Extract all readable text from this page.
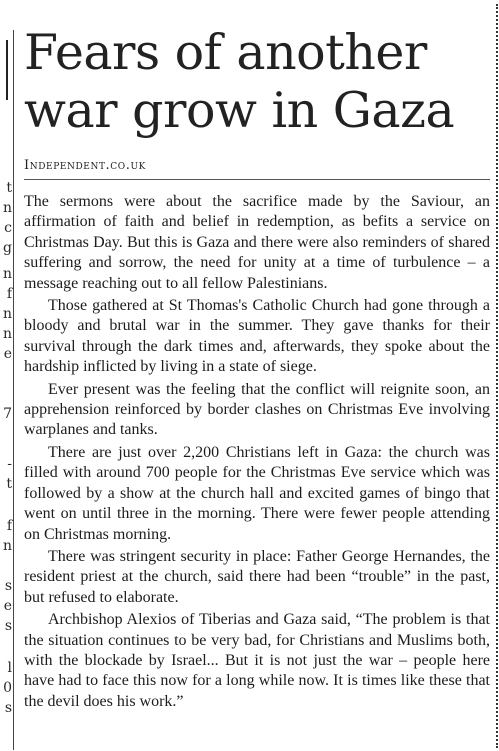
t
n
c
g
n
f
n
n
e
7
-
t
f
n
s
e
s
l
0
s
Fears of another war grow in Gaza
Independent.co.uk

The sermons were about the sacrifice made by the Saviour, an affirmation of faith and belief in redemption, as befits a service on Christmas Day. But this is Gaza and there were also reminders of shared suffering and sorrow, the need for unity at a time of turbulence – a message reaching out to all fellow Palestinians.

Those gathered at St Thomas's Catholic Church had gone through a bloody and brutal war in the summer. They gave thanks for their survival through the dark times and, afterwards, they spoke about the hardship inflicted by living in a state of siege.

Ever present was the feeling that the conflict will reignite soon, an apprehension reinforced by border clashes on Christmas Eve involving warplanes and tanks.

There are just over 2,200 Christians left in Gaza: the church was filled with around 700 people for the Christmas Eve service which was followed by a show at the church hall and excited games of bingo that went on until three in the morning. There were fewer people attending on Christmas morning.

There was stringent security in place: Father George Hernandes, the resident priest at the church, said there had been “trouble” in the past, but refused to elaborate.

Archbishop Alexios of Tiberias and Gaza said, “The problem is that the situation continues to be very bad, for Christians and Muslims both, with the blockade by Israel... But it is not just the war – people here have had to face this now for a long while now. It is times like these that the devil does his work.”
